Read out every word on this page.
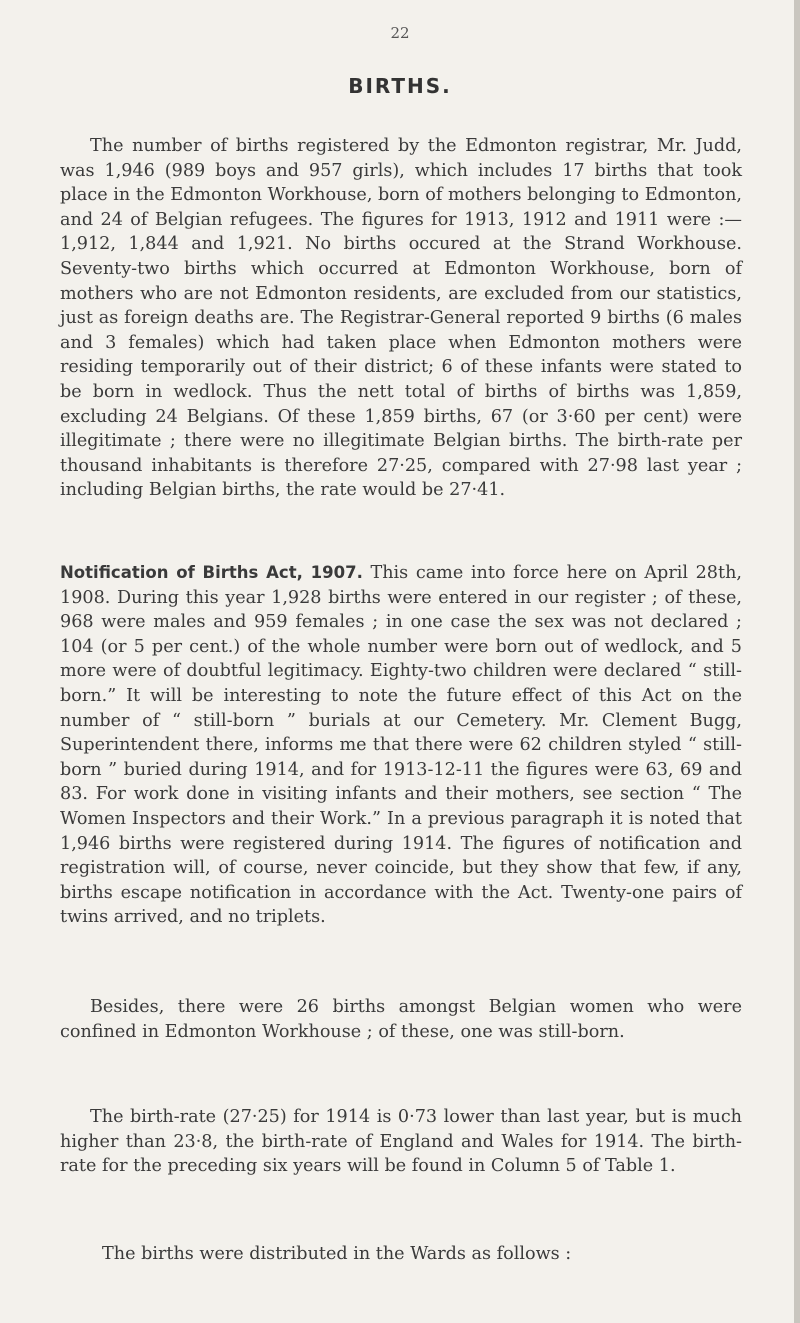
22
BIRTHS.

The number of births registered by the Edmonton registrar, Mr. Judd, was 1,946 (989 boys and 957 girls), which includes 17 births that took place in the Edmonton Workhouse, born of mothers belonging to Edmonton, and 24 of Belgian refugees. The figures for 1913, 1912 and 1911 were :—1,912, 1,844 and 1,921. No births occured at the Strand Workhouse. Seventy-two births which occurred at Edmonton Workhouse, born of mothers who are not Edmonton residents, are excluded from our statistics, just as foreign deaths are. The Registrar-General reported 9 births (6 males and 3 females) which had taken place when Edmonton mothers were residing temporarily out of their district; 6 of these infants were stated to be born in wedlock. Thus the nett total of births of births was 1,859, excluding 24 Belgians. Of these 1,859 births, 67 (or 3·60 per cent) were illegitimate ; there were no illegitimate Belgian births. The birth-rate per thousand inhabitants is therefore 27·25, compared with 27·98 last year ; including Belgian births, the rate would be 27·41.

Notification of Births Act, 1907. This came into force here on April 28th, 1908. During this year 1,928 births were entered in our register ; of these, 968 were males and 959 females ; in one case the sex was not declared ; 104 (or 5 per cent.) of the whole number were born out of wedlock, and 5 more were of doubtful legitimacy. Eighty-two children were declared “ still-born.” It will be interesting to note the future effect of this Act on the number of “ still-born ” burials at our Cemetery. Mr. Clement Bugg, Superintendent there, informs me that there were 62 children styled “ still-born ” buried during 1914, and for 1913-12-11 the figures were 63, 69 and 83. For work done in visiting infants and their mothers, see section “ The Women Inspectors and their Work.” In a previous paragraph it is noted that 1,946 births were registered during 1914. The figures of notification and registration will, of course, never coincide, but they show that few, if any, births escape notification in accordance with the Act. Twenty-one pairs of twins arrived, and no triplets.

Besides, there were 26 births amongst Belgian women who were confined in Edmonton Workhouse ; of these, one was still-born.

The birth-rate (27·25) for 1914 is 0·73 lower than last year, but is much higher than 23·8, the birth-rate of England and Wales for 1914. The birth-rate for the preceding six years will be found in Column 5 of Table 1.

The births were distributed in the Wards as follows :
